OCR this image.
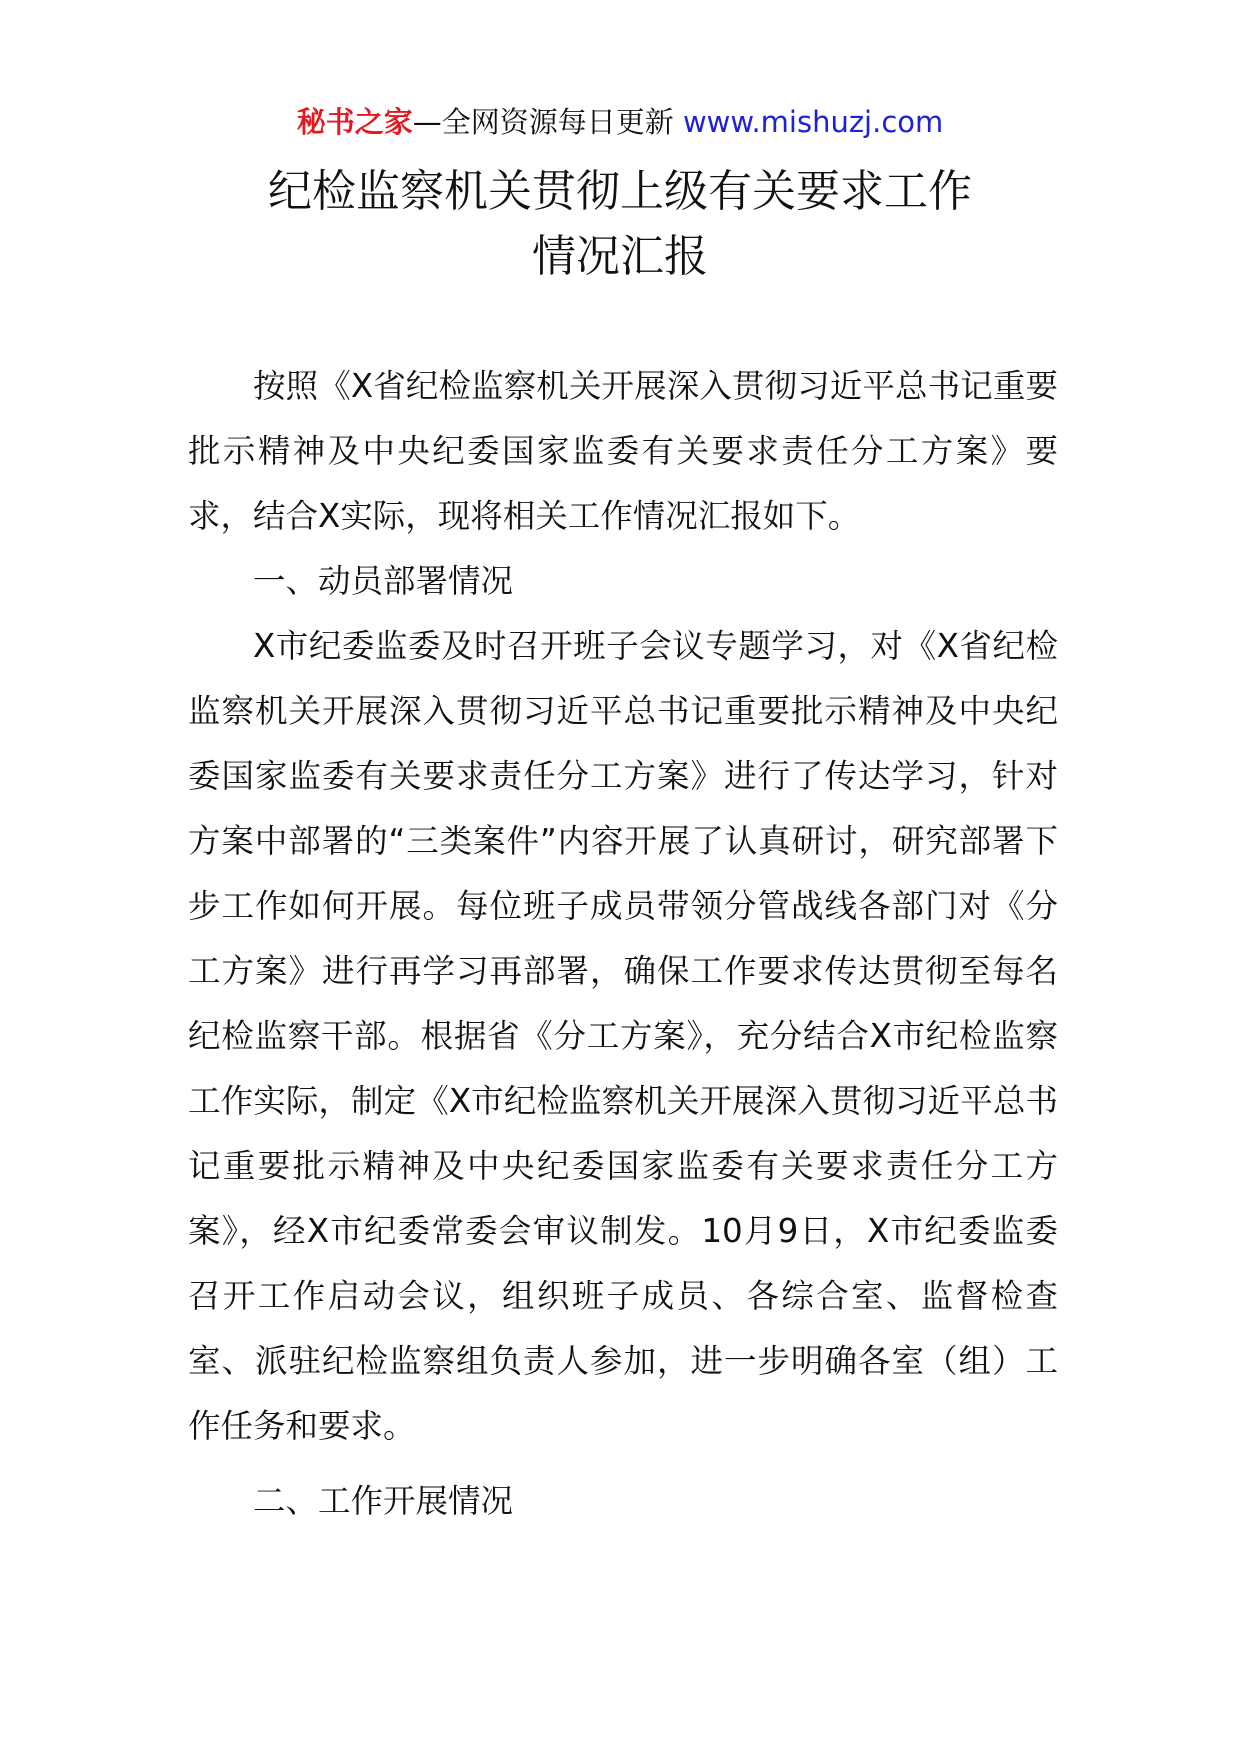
秘书之家—全网资源每日更新 www.mishuzj.com
纪检监察机关贯彻上级有关要求工作
情况汇报

按照《X省纪检监察机关开展深入贯彻习近平总书记重要批示精神及中央纪委国家监委有关要求责任分工方案》要求，结合X实际，现将相关工作情况汇报如下。

一、动员部署情况

X市纪委监委及时召开班子会议专题学习，对《X省纪检监察机关开展深入贯彻习近平总书记重要批示精神及中央纪委国家监委有关要求责任分工方案》进行了传达学习，针对方案中部署的“三类案件”内容开展了认真研讨，研究部署下步工作如何开展。每位班子成员带领分管战线各部门对《分工方案》进行再学习再部署，确保工作要求传达贯彻至每名纪检监察干部。根据省《分工方案》，充分结合X市纪检监察工作实际，制定《X市纪检监察机关开展深入贯彻习近平总书记重要批示精神及中央纪委国家监委有关要求责任分工方案》，经X市纪委常委会审议制发。10月9日，X市纪委监委召开工作启动会议，组织班子成员、各综合室、监督检查室、派驻纪检监察组负责人参加，进一步明确各室（组）工作任务和要求。

二、工作开展情况
